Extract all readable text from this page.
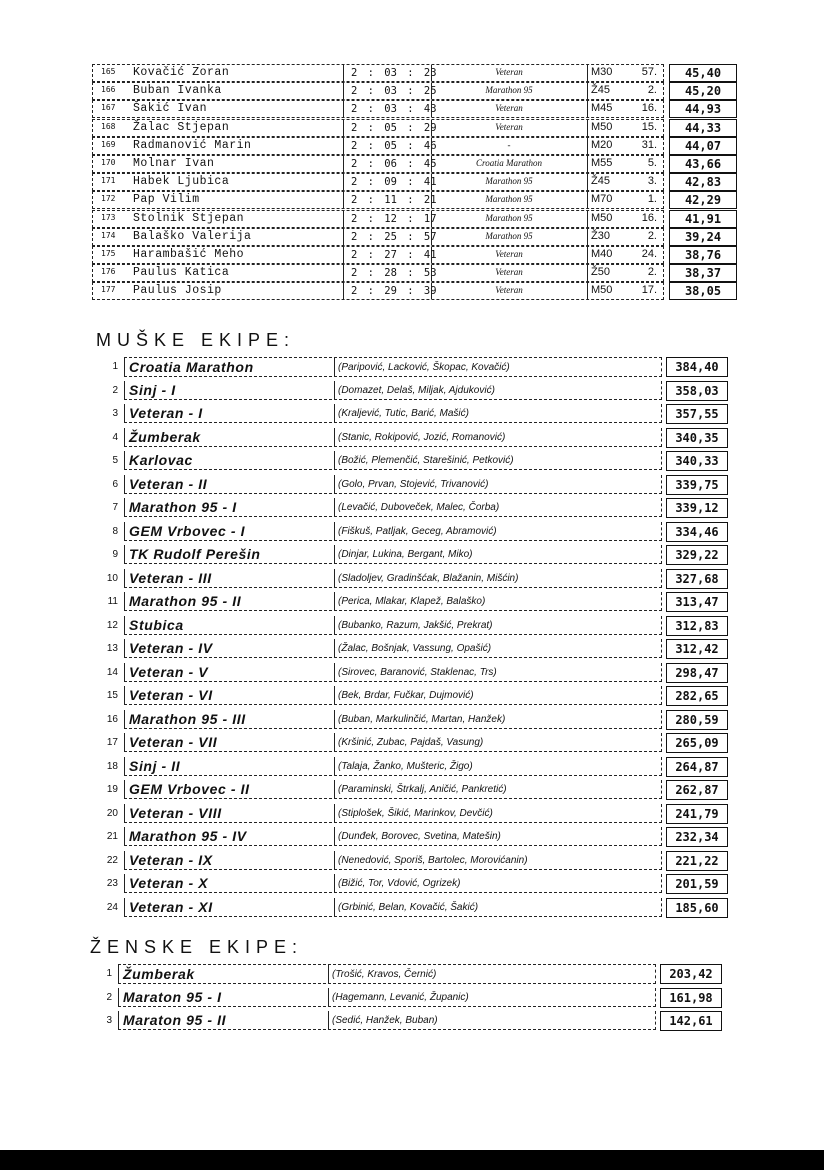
165 Kovačić Zoran	2 : 03 : 23	Veteran	M30	57.	45,40
166 Buban Ivanka	2 : 03 : 25	Marathon 95	Ž45	2.	45,20
167 Šakić Ivan	2 : 03 : 43	Veteran	M45	16.	44,93
168 Žalac Stjepan	2 : 05 : 29	Veteran	M50	15.	44,33
169 Radmanović Marin	2 : 05 : 46	-	M20	31.	44,07
170 Molnar Ivan	2 : 06 : 45	Croatia Marathon	M55	5.	43,66
171 Habek Ljubica	2 : 09 : 41	Marathon 95	Ž45	3.	42,83
172 Pap Vilim	2 : 11 : 21	Marathon 95	M70	1.	42,29
173 Stolnik Stjepan	2 : 12 : 17	Marathon 95	M50	16.	41,91
174 Balaško Valerija	2 : 25 : 57	Marathon 95	Ž30	2.	39,24
175 Harambašić Meho	2 : 27 : 41	Veteran	M40	24.	38,76
176 Paulus Katica	2 : 28 : 53	Veteran	Ž50	2.	38,37
177 Paulus Josip	2 : 29 : 39	Veteran	M50	17.	38,05
MUŠKE EKIPE:
1 Croatia Marathon	(Paripović, Lacković, Škopac, Kovačić)	384,40
2 Sinj - I	(Domazet, Delaš, Miljak, Ajduković)	358,03
3 Veteran - I	(Kraljević, Tutic, Barić, Mašić)	357,55
4 Žumberak	(Stanic, Rokipović, Jozić, Romanović)	340,35
5 Karlovac	(Božić, Plemenčić, Starešinić, Petković)	340,33
6 Veteran - II	(Golo, Prvan, Stojević, Trivanović)	339,75
7 Marathon 95 - I	(Levačić, Duboveček, Malec, Čorba)	339,12
8 GEM Vrbovec - I	(Fiškuš, Patljak, Geceg, Abramović)	334,46
9 TK Rudolf Perešin	(Dinjar, Lukina, Bergant, Miko)	329,22
10 Veteran - III	(Sladoljev, Gradinšćak, Blažanin, Mišćin)	327,68
11 Marathon 95 - II	(Perica, Mlakar, Klapež, Balaško)	313,47
12 Stubica	(Bubanko, Razum, Jakšić, Prekrat)	312,83
13 Veteran - IV	(Žalac, Bošnjak, Vassung, Opašić)	312,42
14 Veteran - V	(Sirovec, Baranović, Staklenac, Trs)	298,47
15 Veteran - VI	(Bek, Brdar, Fučkar, Dujmović)	282,65
16 Marathon 95 - III	(Buban, Markulinčić, Martan, Hanžek)	280,59
17 Veteran - VII	(Kršinić, Zubac, Pajdaš, Vasung)	265,09
18 Sinj - II	(Talaja, Žanko, Mušteric, Žigo)	264,87
19 GEM Vrbovec - II	(Paraminski, Štrkalj, Aničić, Pankretić)	262,87
20 Veteran - VIII	(Stiplošek, Šikić, Marinkov, Devčić)	241,79
21 Marathon 95 - IV	(Dunđek, Borovec, Svetina, Matešin)	232,34
22 Veteran - IX	(Nenedović, Sporiš, Bartolec, Morovićanin)	221,22
23 Veteran - X	(Bižić, Tor, Vdović, Ogrizek)	201,59
24 Veteran - XI	(Grbinić, Belan, Kovačić, Šakić)	185,60
ŽENSKE EKIPE:
1 Žumberak	(Trošić, Kravos, Černić)	203,42
2 Maraton 95 - I	(Hagemann, Levanić, Županic)	161,98
3 Maraton 95 - II	(Sedić, Hanžek, Buban)	142,61
